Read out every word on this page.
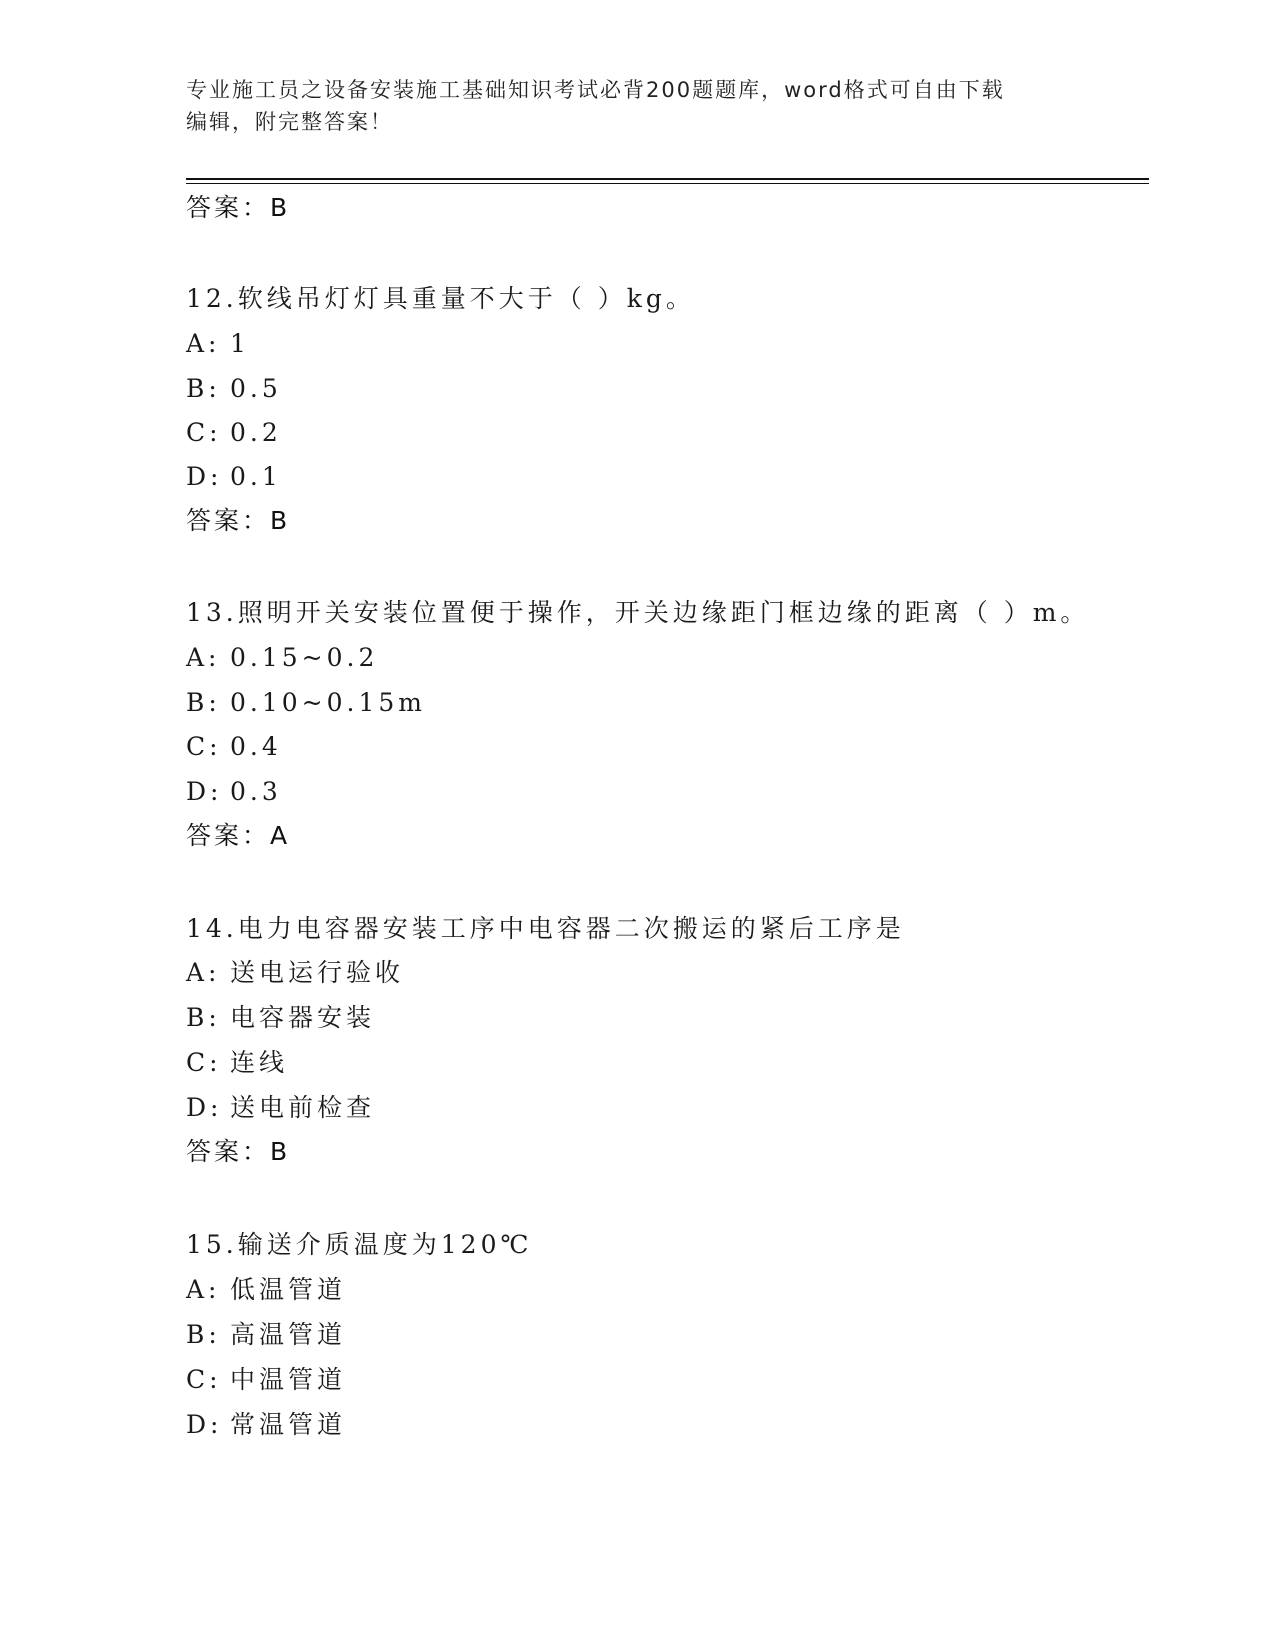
专业施工员之设备安装施工基础知识考试必背200题题库，word格式可自由下载
编辑，附完整答案！
答案：B
12.软线吊灯灯具重量不大于（ ）kg。
A: 1
B: 0.5
C: 0.2
D: 0.1
答案：B
13.照明开关安装位置便于操作，开关边缘距门框边缘的距离（ ）m。
A: 0.15~0.2
B: 0.10~0.15m
C: 0.4
D: 0.3
答案：A
14.电力电容器安装工序中电容器二次搬运的紧后工序是
A: 送电运行验收
B: 电容器安装
C: 连线
D: 送电前检查
答案：B
15.输送介质温度为120℃
A: 低温管道
B: 高温管道
C: 中温管道
D: 常温管道
